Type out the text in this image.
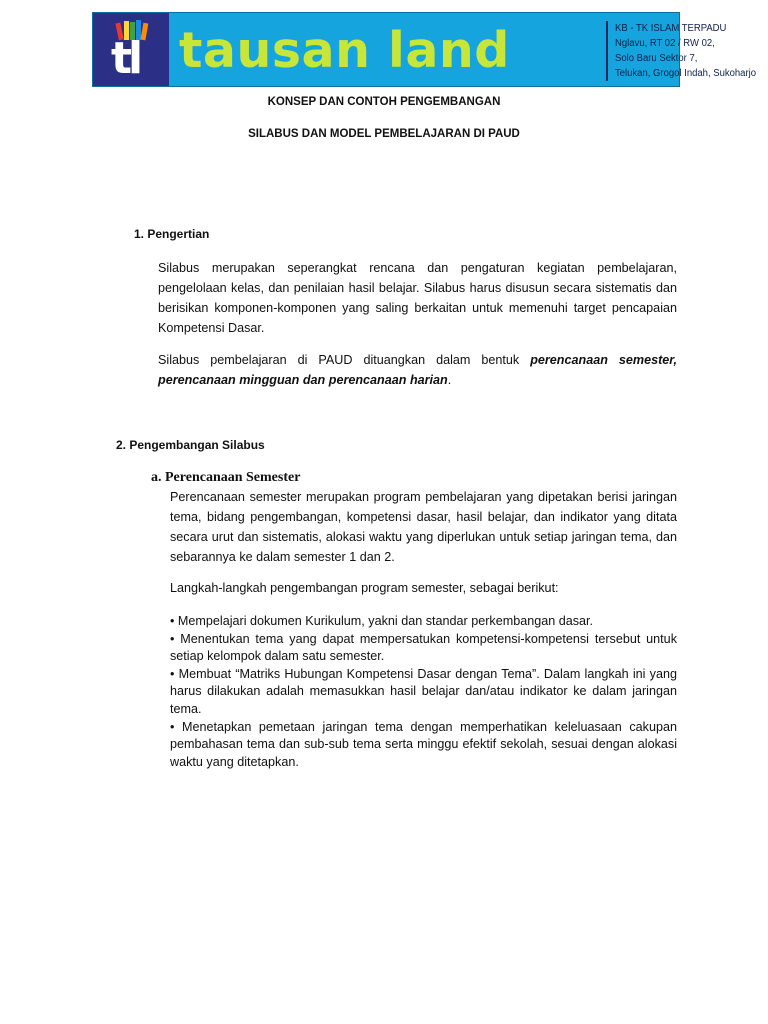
tl tausan land	KB - TK ISLAM TERPADU
Nglavu, RT 02 / RW 02,
Solo Baru Sektor 7,
Telukan, Grogol Indah, Sukoharjo
KONSEP DAN CONTOH PENGEMBANGAN
SILABUS DAN MODEL PEMBELAJARAN DI PAUD
1. Pengertian
Silabus merupakan seperangkat rencana dan pengaturan kegiatan pembelajaran, pengelolaan kelas, dan penilaian hasil belajar. Silabus harus disusun secara sistematis dan berisikan komponen-komponen yang saling berkaitan untuk memenuhi target pencapaian Kompetensi Dasar.
Silabus pembelajaran di PAUD dituangkan dalam bentuk perencanaan semester, perencanaan mingguan dan perencanaan harian.
2. Pengembangan Silabus
a. Perencanaan Semester
Perencanaan semester merupakan program pembelajaran yang dipetakan berisi jaringan tema, bidang pengembangan, kompetensi dasar, hasil belajar, dan indikator yang ditata secara urut dan sistematis, alokasi waktu yang diperlukan untuk setiap jaringan tema, dan sebarannya ke dalam semester 1 dan 2.
Langkah-langkah pengembangan program semester, sebagai berikut:

• Mempelajari dokumen Kurikulum, yakni dan standar perkembangan dasar.

• Menentukan tema yang dapat mempersatukan kompetensi-kompetensi tersebut untuk setiap kelompok dalam satu semester.

• Membuat “Matriks Hubungan Kompetensi Dasar dengan Tema”. Dalam langkah ini yang harus dilakukan adalah memasukkan hasil belajar dan/atau indikator ke dalam jaringan tema.

• Menetapkan pemetaan jaringan tema dengan memperhatikan keleluasaan cakupan pembahasan tema dan sub-sub tema serta minggu efektif sekolah, sesuai dengan alokasi waktu yang ditetapkan.
